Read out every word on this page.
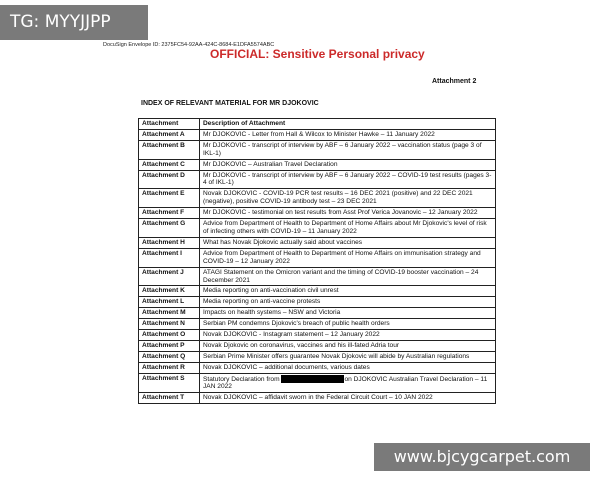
TG: MYYJJPP
DocuSign Envelope ID: 2375FC54-92AA-424C-8684-E1DFA5574ABC
OFFICIAL: Sensitive Personal privacy
Attachment 2
INDEX OF RELEVANT MATERIAL FOR MR DJOKOVIC
Attachment	Description of Attachment
Attachment A	Mr DJOKOVIC - Letter from Hall & Wilcox to Minister Hawke – 11 January 2022
Attachment B	Mr DJOKOVIC - transcript of interview by ABF – 6 January 2022 – vaccination status (page 3 of IKL-1)
Attachment C	Mr DJOKOVIC – Australian Travel Declaration
Attachment D	Mr DJOKOVIC - transcript of interview by ABF – 6 January 2022 – COVID-19 test results (pages 3-4 of IKL-1)
Attachment E	Novak DJOKOVIC - COVID-19 PCR test results – 16 DEC 2021 (positive) and 22 DEC 2021 (negative), positive COVID-19 antibody test – 23 DEC 2021
Attachment F	Mr DJOKOVIC - testimonial on test results from Asst Prof Verica Jovanovic – 12 January 2022
Attachment G	Advice from Department of Health to Department of Home Affairs about Mr Djokovic's level of risk of infecting others with COVID-19 – 11 January 2022
Attachment H	What has Novak Djokovic actually said about vaccines
Attachment I	Advice from Department of Health to Department of Home Affairs on immunisation strategy and COVID-19 – 12 January 2022
Attachment J	ATAGI Statement on the Omicron variant and the timing of COVID-19 booster vaccination – 24 December 2021
Attachment K	Media reporting on anti-vaccination civil unrest
Attachment L	Media reporting on anti-vaccine protests
Attachment M	Impacts on health systems – NSW and Victoria
Attachment N	Serbian PM condemns Djokovic's breach of public health orders
Attachment O	Novak DJOKOVIC - Instagram statement – 12 January 2022
Attachment P	Novak Djokovic on coronavirus, vaccines and his ill-fated Adria tour
Attachment Q	Serbian Prime Minister offers guarantee Novak Djokovic will abide by Australian regulations
Attachment R	Novak DJOKOVIC – additional documents, various dates
Attachment S	Statutory Declaration from on DJOKOVIC Australian Travel Declaration – 11 JAN 2022
Attachment T	Novak DJOKOVIC – affidavit sworn in the Federal Circuit Court – 10 JAN 2022
www.bjcygcarpet.com
